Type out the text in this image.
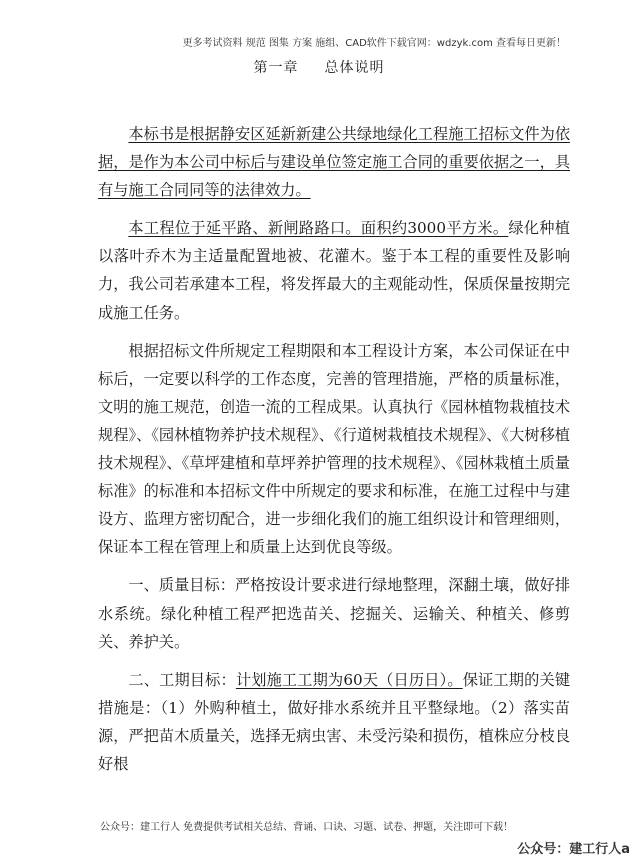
更多考试资料 规范 图集 方案 施组、CAD软件下载官网：wdzyk.com 查看每日更新！
第一章 总体说明

本标书是根据静安区延新新建公共绿地绿化工程施工招标文件为依据，是作为本公司中标后与建设单位签定施工合同的重要依据之一，具有与施工合同同等的法律效力。

本工程位于延平路、新闸路路口。面积约3000平方米。绿化种植以落叶乔木为主适量配置地被、花灌木。鉴于本工程的重要性及影响力，我公司若承建本工程，将发挥最大的主观能动性，保质保量按期完成施工任务。

根据招标文件所规定工程期限和本工程设计方案，本公司保证在中标后，一定要以科学的工作态度，完善的管理措施，严格的质量标准，文明的施工规范，创造一流的工程成果。认真执行《园林植物栽植技术规程》、《园林植物养护技术规程》、《行道树栽植技术规程》、《大树移植技术规程》、《草坪建植和草坪养护管理的技术规程》、《园林栽植土质量标准》的标准和本招标文件中所规定的要求和标准，在施工过程中与建设方、监理方密切配合，进一步细化我们的施工组织设计和管理细则，保证本工程在管理上和质量上达到优良等级。

一、质量目标：严格按设计要求进行绿地整理，深翻土壤，做好排水系统。绿化种植工程严把选苗关、挖掘关、运输关、种植关、修剪关、养护关。

二、工期目标：计划施工工期为60天（日历日）。保证工期的关键措施是：（1）外购种植土，做好排水系统并且平整绿地。（2）落实苗源，严把苗木质量关，选择无病虫害、未受污染和损伤，植株应分枝良好根

公众号：建工行人 免费提供考试相关总结、背诵、口诀、习题、试卷、押题，关注即可下载！
公众号：建工行人a
